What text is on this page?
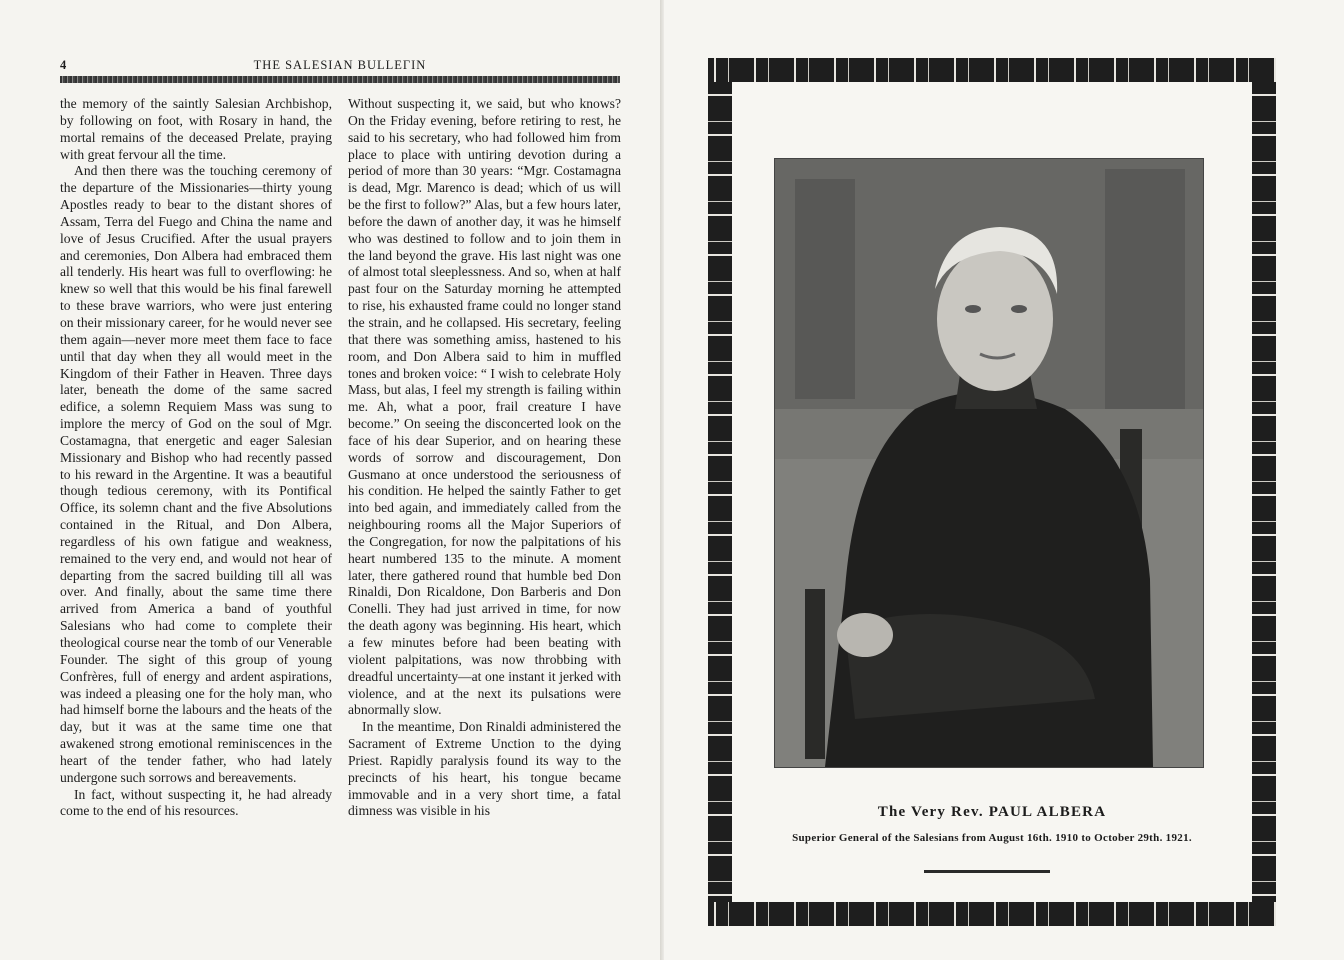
4	THE SALESIAN BULLEГIN

the memory of the saintly Salesian Archbishop, by following on foot, with Rosary in hand, the mortal remains of the deceased Prelate, praying with great fervour all the time.

And then there was the touching ceremony of the departure of the Missionaries—thirty young Apostles ready to bear to the distant shores of Assam, Terra del Fuego and China the name and love of Jesus Crucified. After the usual prayers and ceremonies, Don Albera had embraced them all tenderly. His heart was full to overflowing: he knew so well that this would be his final farewell to these brave warriors, who were just entering on their missionary career, for he would never see them again—never more meet them face to face until that day when they all would meet in the Kingdom of their Father in Heaven. Three days later, beneath the dome of the same sacred edifice, a solemn Requiem Mass was sung to implore the mercy of God on the soul of Mgr. Costamagna, that energetic and eager Salesian Missionary and Bishop who had recently passed to his reward in the Argentine. It was a beautiful though tedious ceremony, with its Pontifical Office, its solemn chant and the five Absolutions contained in the Ritual, and Don Albera, regardless of his own fatigue and weakness, remained to the very end, and would not hear of departing from the sacred building till all was over. And finally, about the same time there arrived from America a band of youthful Salesians who had come to complete their theological course near the tomb of our Venerable Founder. The sight of this group of young Confrères, full of energy and ardent aspirations, was indeed a pleasing one for the holy man, who had himself borne the labours and the heats of the day, but it was at the same time one that awakened strong emotional reminiscences in the heart of the tender father, who had lately undergone such sorrows and bereavements.

In fact, without suspecting it, he had already come to the end of his resources.

Without suspecting it, we said, but who knows? On the Friday evening, before retiring to rest, he said to his secretary, who had followed him from place to place with untiring devotion during a period of more than 30 years: “Mgr. Costamagna is dead, Mgr. Marenco is dead; which of us will be the first to follow?” Alas, but a few hours later, before the dawn of another day, it was he himself who was destined to follow and to join them in the land beyond the grave. His last night was one of almost total sleeplessness. And so, when at half past four on the Saturday morning he attempted to rise, his exhausted frame could no longer stand the strain, and he collapsed. His secretary, feeling that there was something amiss, hastened to his room, and Don Albera said to him in muffled tones and broken voice: “ I wish to celebrate Holy Mass, but alas, I feel my strength is failing within me. Ah, what a poor, frail creature I have become.” On seeing the disconcerted look on the face of his dear Superior, and on hearing these words of sorrow and discouragement, Don Gusmano at once understood the seriousness of his condition. He helped the saintly Father to get into bed again, and immediately called from the neighbouring rooms all the Major Superiors of the Congregation, for now the palpitations of his heart numbered 135 to the minute. A moment later, there gathered round that humble bed Don Rinaldi, Don Ricaldone, Don Barberis and Don Conelli. They had just arrived in time, for now the death agony was beginning. His heart, which a few minutes before had been beating with violent palpitations, was now throbbing with dreadful uncertainty—at one instant it jerked with violence, and at the next its pulsations were abnormally slow.

In the meantime, Don Rinaldi administered the Sacrament of Extreme Unction to the dying Priest. Rapidly paralysis found its way to the precincts of his heart, his tongue became immovable and in a very short time, a fatal dimness was visible in his	The Very Rev. PAUL ALBERA
Superior General of the Salesians from August 16th. 1910 to October 29th. 1921.
